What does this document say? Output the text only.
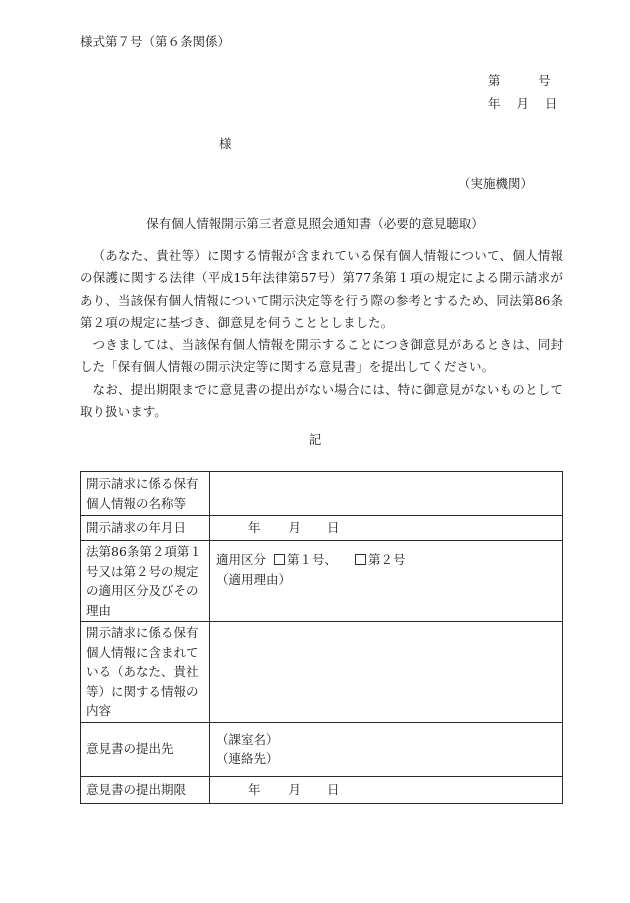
様式第７号（第６条関係）
第	号
年 月 日
様
（実施機関）
保有個人情報開示第三者意見照会通知書（必要的意見聴取）

（あなた、貴社等）に関する情報が含まれている保有個人情報について、個人情報の保護に関する法律（平成15年法律第57号）第77条第１項の規定による開示請求があり、当該保有個人情報について開示決定等を行う際の参考とするため、同法第86条第２項の規定に基づき、御意見を伺うこととしました。

つきましては、当該保有個人情報を開示することにつき御意見があるときは、同封した「保有個人情報の開示決定等に関する意見書」を提出してください。

なお、提出期限までに意見書の提出がない場合には、特に御意見がないものとして取り扱います。

記
開示請求に係る保有個人情報の名称等	
開示請求の年月日	年 月 日
法第86条第２項第１号又は第２号の規定の適用区分及びその理由	適用区分 第１号、 第２号
（適用理由）

開示請求に係る保有個人情報に含まれている（あなた、貴社等）に関する情報の内容	
意見書の提出先	（課室名）
（連絡先）

意見書の提出期限	年 月 日
